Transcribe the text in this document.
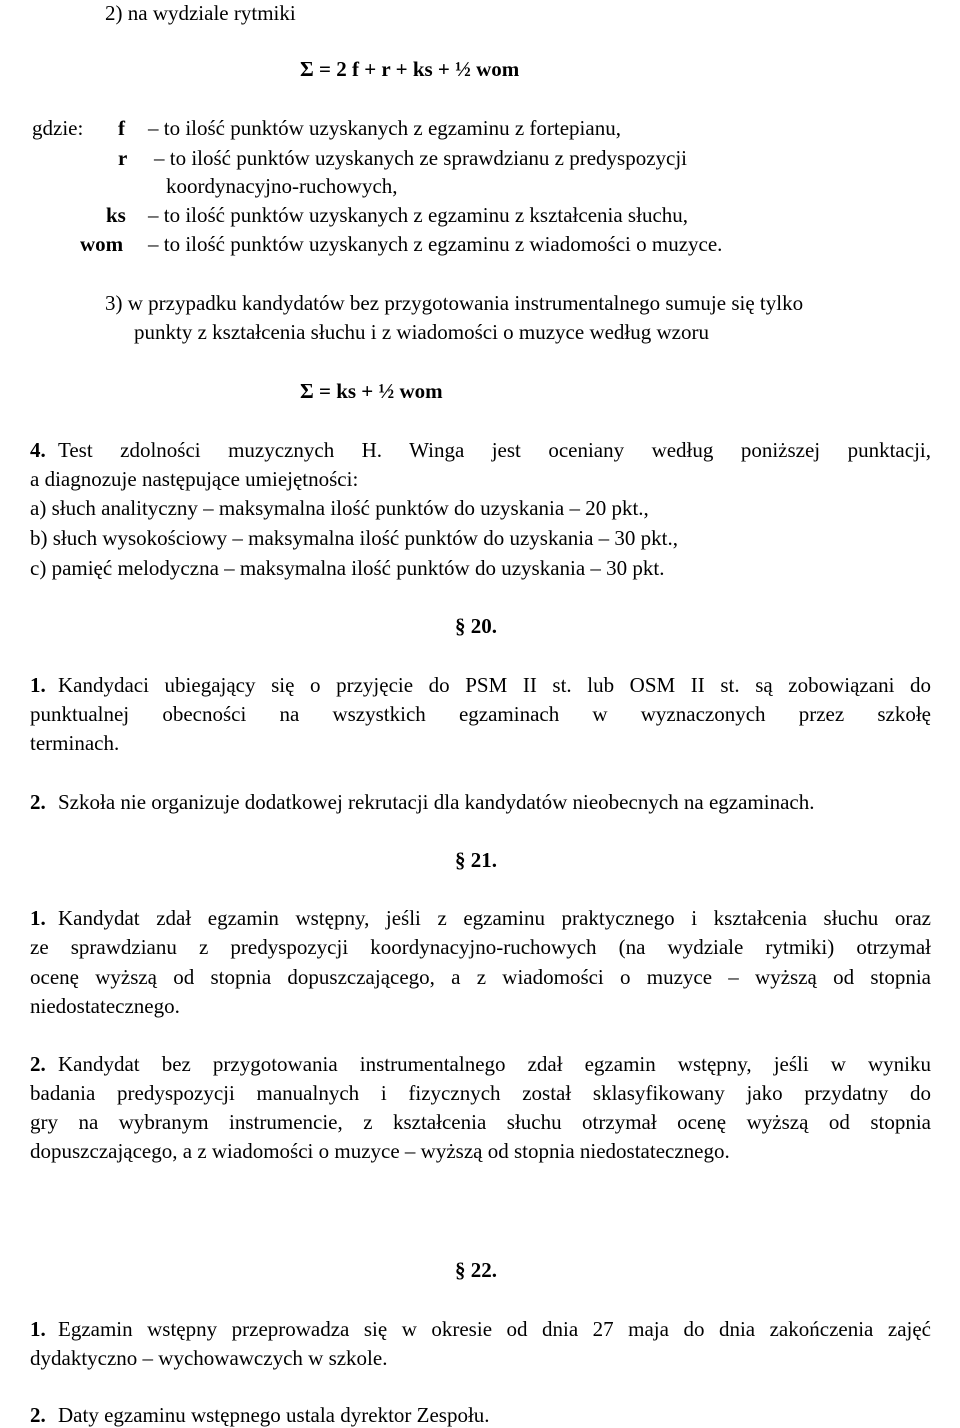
2) na wydziale rytmiki
Σ = 2 f + r + ks + ½ wom
gdzie: f – to ilość punktów uzyskanych z egzaminu z fortepianu,
r – to ilość punktów uzyskanych ze sprawdzianu z predyspozycji
koordynacyjno-ruchowych,
ks – to ilość punktów uzyskanych z egzaminu z kształcenia słuchu,
wom – to ilość punktów uzyskanych z egzaminu z wiadomości o muzyce.
3) w przypadku kandydatów bez przygotowania instrumentalnego sumuje się tylko
punkty z kształcenia słuchu i z wiadomości o muzyce według wzoru
Σ = ks + ½ wom
4. Test zdolności muzycznych H. Winga jest oceniany według poniższej punktacji,
a diagnozuje następujące umiejętności:
a) słuch analityczny – maksymalna ilość punktów do uzyskania – 20 pkt.,
b) słuch wysokościowy – maksymalna ilość punktów do uzyskania – 30 pkt.,
c) pamięć melodyczna – maksymalna ilość punktów do uzyskania – 30 pkt.
§ 20.
1. Kandydaci ubiegający się o przyjęcie do PSM II st. lub OSM II st. są zobowiązani do
punktualnej obecności na wszystkich egzaminach w wyznaczonych przez szkołę
terminach.
2. Szkoła nie organizuje dodatkowej rekrutacji dla kandydatów nieobecnych na egzaminach.
§ 21.
1. Kandydat zdał egzamin wstępny, jeśli z egzaminu praktycznego i kształcenia słuchu oraz
ze sprawdzianu z predyspozycji koordynacyjno-ruchowych (na wydziale rytmiki) otrzymał
ocenę wyższą od stopnia dopuszczającego, a z wiadomości o muzyce – wyższą od stopnia
niedostatecznego.
2. Kandydat bez przygotowania instrumentalnego zdał egzamin wstępny, jeśli w wyniku
badania predyspozycji manualnych i fizycznych został sklasyfikowany jako przydatny do
gry na wybranym instrumencie, z kształcenia słuchu otrzymał ocenę wyższą od stopnia
dopuszczającego, a z wiadomości o muzyce – wyższą od stopnia niedostatecznego.
§ 22.
1. Egzamin wstępny przeprowadza się w okresie od dnia 27 maja do dnia zakończenia zajęć
dydaktyczno – wychowawczych w szkole.
2. Daty egzaminu wstępnego ustala dyrektor Zespołu.
